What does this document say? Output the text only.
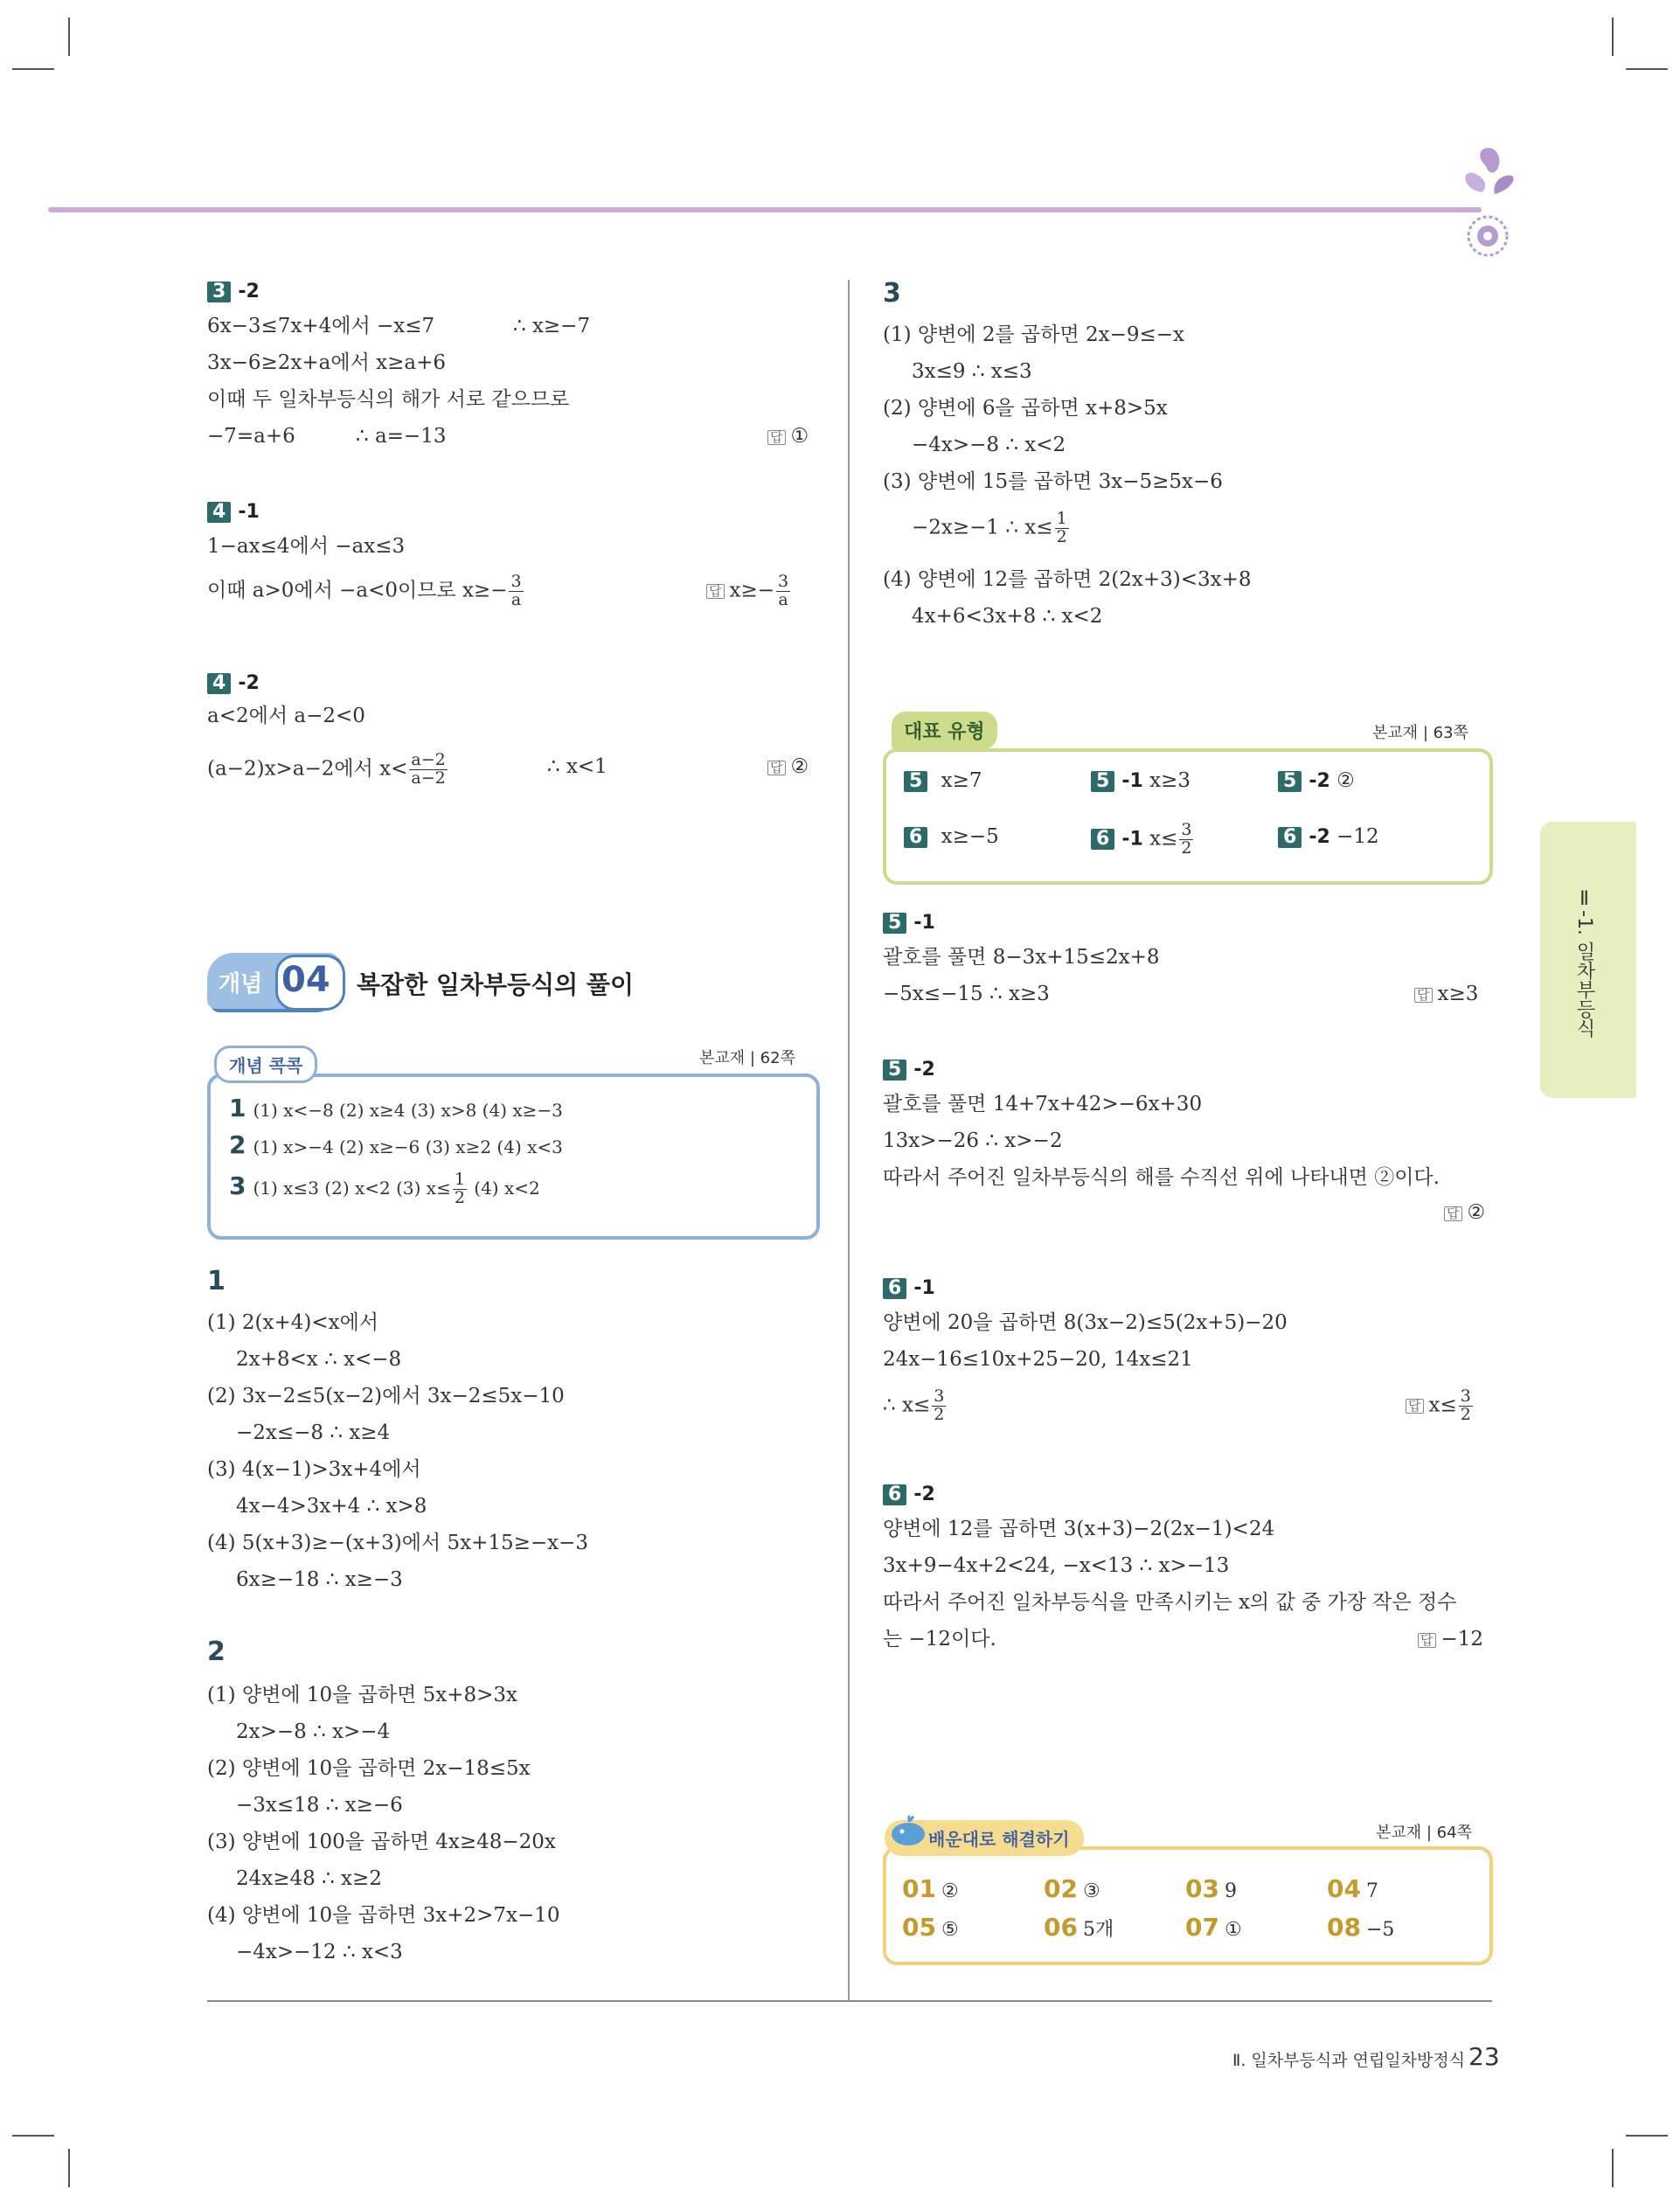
3 -2
6x−3≤7x+4에서 −x≤7	∴ x≥−7
3x−6≥2x+a에서 x≥a+6
이때 두 일차부등식의 해가 서로 같으므로
−7=a+6	∴ a=−13	답 ①
4 -1
1−ax≤4에서 −ax≤3
이때 a>0에서 −a<0이므로 $x\ge- \frac{3}{a}$	답 $x\ge- \frac{3}{a}$
4 -2
a<2에서 a−2<0
(a−2)x>a−2에서 $x< \frac{a-2}{a-2}$	∴ x<1	답 ②
개념 04 복잡한 일차부등식의 풀이
개념 콕콕	본교재 | 62쪽
1 (1) x<−8 (2) x≥4 (3) x>8 (4) x≥−3
2 (1) x>−4 (2) x≥−6 (3) x≥2 (4) x<3
3 (1) x≤3 (2) x<2 (3) $x\le \frac{1}{2} (4)$ x<2
1
(1) 2(x+4)<x에서
2x+8<x ∴ x<−8
(2) 3x−2≤5(x−2)에서 3x−2≤5x−10
−2x≤−8 ∴ x≥4
(3) 4(x−1)>3x+4에서
4x−4>3x+4 ∴ x>8
(4) 5(x+3)≥−(x+3)에서 5x+15≥−x−3
6x≥−18 ∴ x≥−3
2
(1) 양변에 10을 곱하면 5x+8>3x
2x>−8 ∴ x>−4
(2) 양변에 10을 곱하면 2x−18≤5x
−3x≤18 ∴ x≥−6
(3) 양변에 100을 곱하면 4x≥48−20x
24x≥48 ∴ x≥2
(4) 양변에 10을 곱하면 3x+2>7x−10
−4x>−12 ∴ x<3
3
(1) 양변에 2를 곱하면 2x−9≤−x
3x≤9 ∴ x≤3
(2) 양변에 6을 곱하면 x+8>5x
−4x>−8 ∴ x<2
(3) 양변에 15를 곱하면 3x−5≥5x−6
−2x≥−1 ∴ $x\le \frac{1}{2}$
(4) 양변에 12를 곱하면 2(2x+3)<3x+8
4x+6<3x+8 ∴ x<2
대표 유형	본교재 | 63쪽
5 x≥7	5 -1 x≥3	5 -2 ②
6 x≥−5	6 -1 $x\le \frac{3}{2}$	6 -2 −12
5 -1
괄호를 풀면 8−3x+15≤2x+8
−5x≤−15 ∴ x≥3	답 x≥3
5 -2
괄호를 풀면 14+7x+42>−6x+30
13x>−26 ∴ x>−2
따라서 주어진 일차부등식의 해를 수직선 위에 나타내면 ②이다.
답 ②
6 -1
양변에 20을 곱하면 8(3x−2)≤5(2x+5)−20
24x−16≤10x+25−20, 14x≤21
∴ $x\le \frac{3}{2}$	답 $x\le \frac{3}{2}$
6 -2
양변에 12를 곱하면 3(x+3)−2(2x−1)<24
3x+9−4x+2<24, −x<13 ∴ x>−13
따라서 주어진 일차부등식을 만족시키는 x의 값 중 가장 작은 정수
는 −12이다.	답 −12
배운대로 해결하기	본교재 | 64쪽
01 ②	02 ③	03 9	04 7
05 ⑤	06 5개	07 ①	08 −5
Ⅱ-1. 일차부등식
Ⅱ. 일차부등식과 연립일차방정식 23
